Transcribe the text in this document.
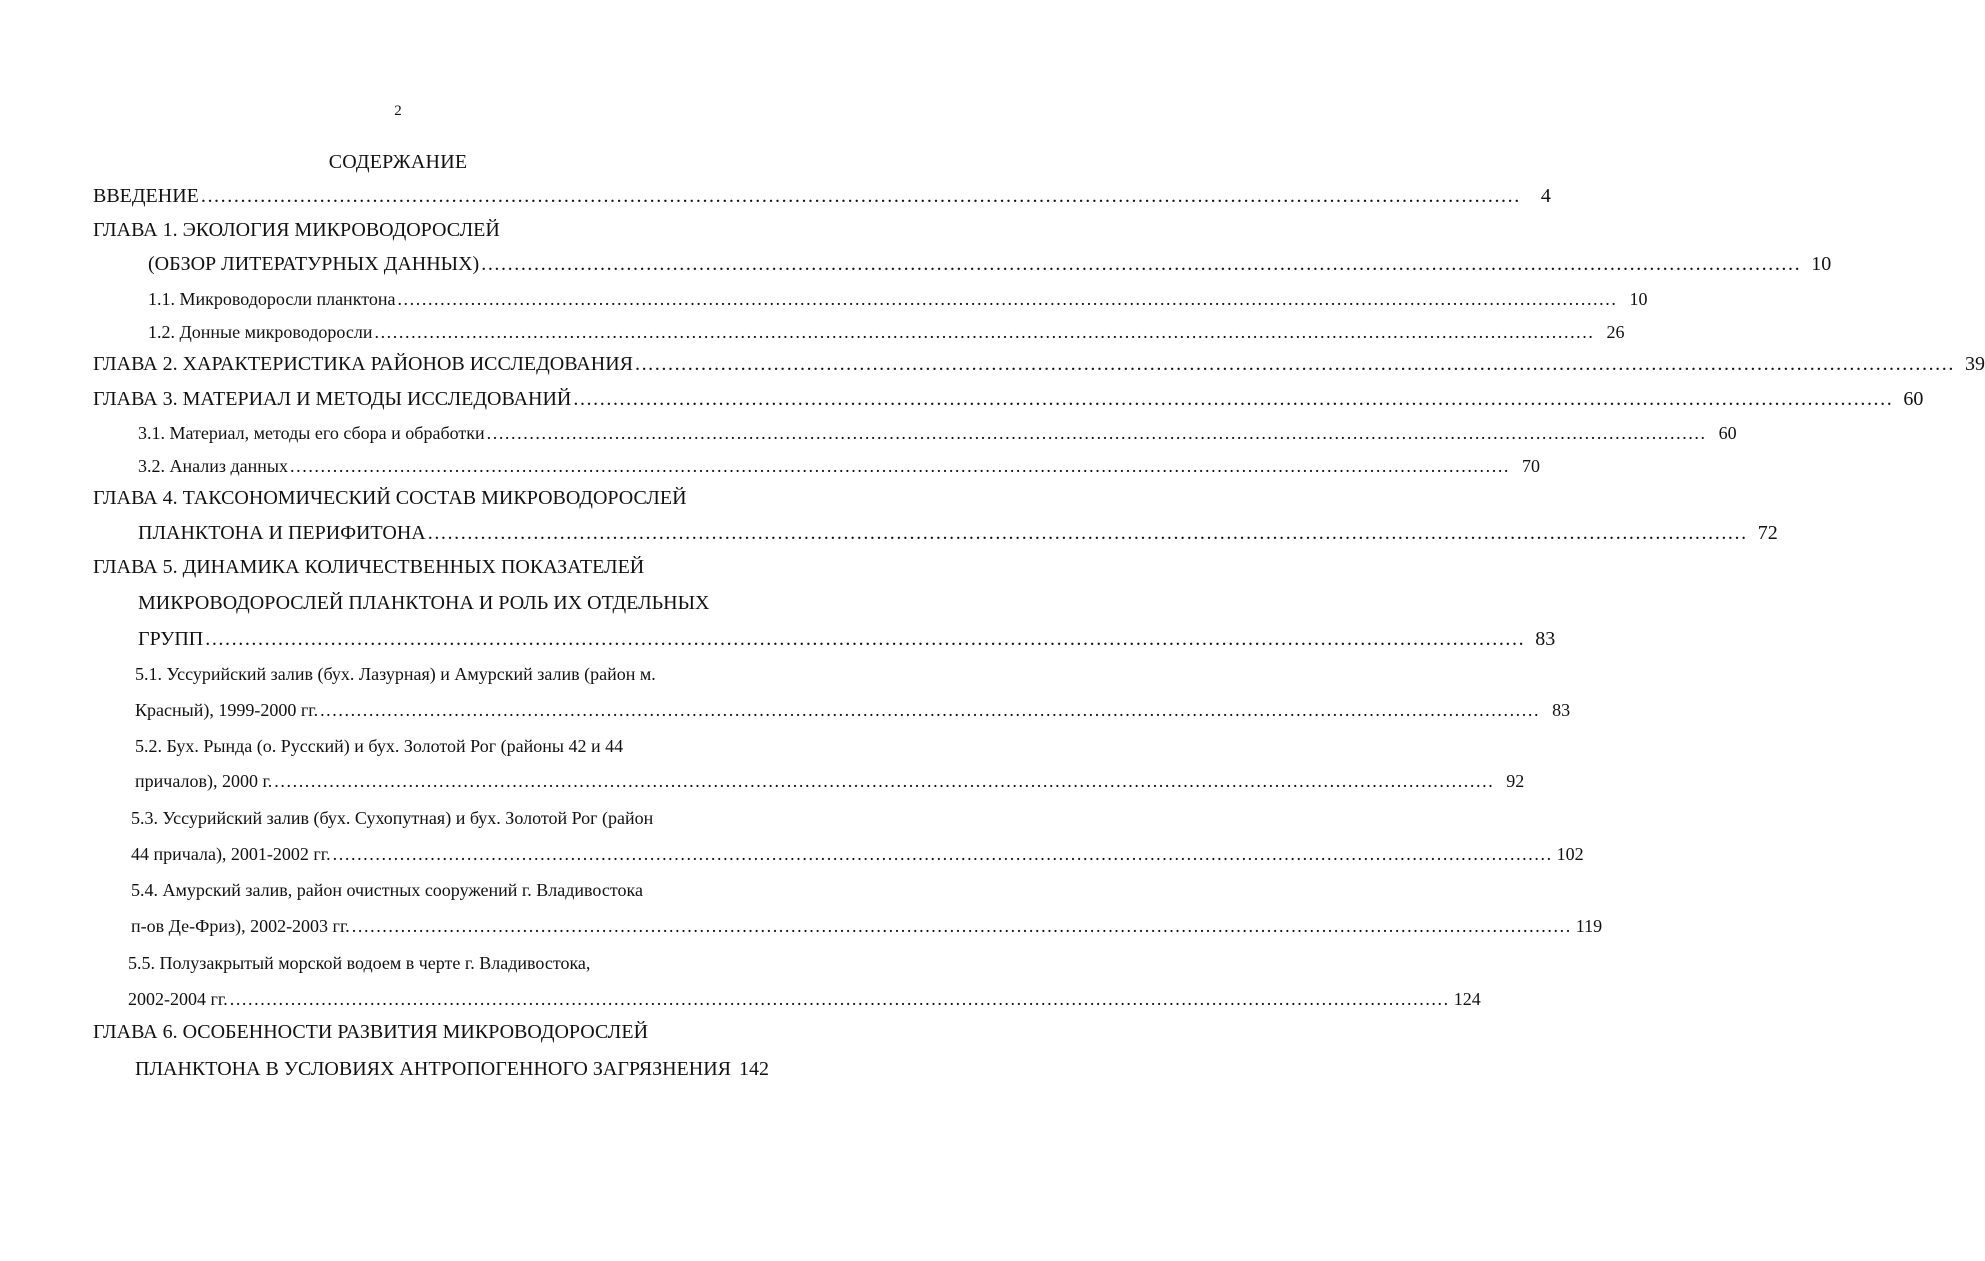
2
СОДЕРЖАНИЕ
ВВЕДЕНИЕ .....	4
ГЛАВА 1. ЭКОЛОГИЯ МИКРОВОДОРОСЛЕЙ
(ОБЗОР ЛИТЕРАТУРНЫХ ДАННЫХ) .....	10
1.1. Микроводоросли планктона .....	10
1.2. Донные микроводоросли .....	26
ГЛАВА 2. ХАРАКТЕРИСТИКА РАЙОНОВ ИССЛЕДОВАНИЯ .....	39
ГЛАВА 3. МАТЕРИАЛ И МЕТОДЫ ИССЛЕДОВАНИЙ .....	60
3.1. Материал, методы его сбора и обработки .....	60
3.2. Анализ данных .....	70
ГЛАВА 4. ТАКСОНОМИЧЕСКИЙ СОСТАВ МИКРОВОДОРОСЛЕЙ
ПЛАНКТОНА И ПЕРИФИТОНА .....	72
ГЛАВА 5. ДИНАМИКА КОЛИЧЕСТВЕННЫХ ПОКАЗАТЕЛЕЙ
МИКРОВОДОРОСЛЕЙ ПЛАНКТОНА И РОЛЬ ИХ ОТДЕЛЬНЫХ
ГРУПП .....	83
5.1. Уссурийский залив (бух. Лазурная) и Амурский залив (район м.
Красный), 1999-2000 гг. .....	83
5.2. Бух. Рында (о. Русский) и бух. Золотой Рог (районы 42 и 44
причалов), 2000 г. .....	92
5.3. Уссурийский залив (бух. Сухопутная) и бух. Золотой Рог (район
44 причала), 2001-2002 гг. .....	102
5.4. Амурский залив, район очистных сооружений г. Владивостока
п-ов Де-Фриз), 2002-2003 гг. .....	119
5.5. Полузакрытый морской водоем в черте г. Владивостока,
2002-2004 гг. .....	124
ГЛАВА 6. ОСОБЕННОСТИ РАЗВИТИЯ МИКРОВОДОРОСЛЕЙ
ПЛАНКТОНА В УСЛОВИЯХ АНТРОПОГЕННОГО ЗАГРЯЗНЕНИЯ 142
